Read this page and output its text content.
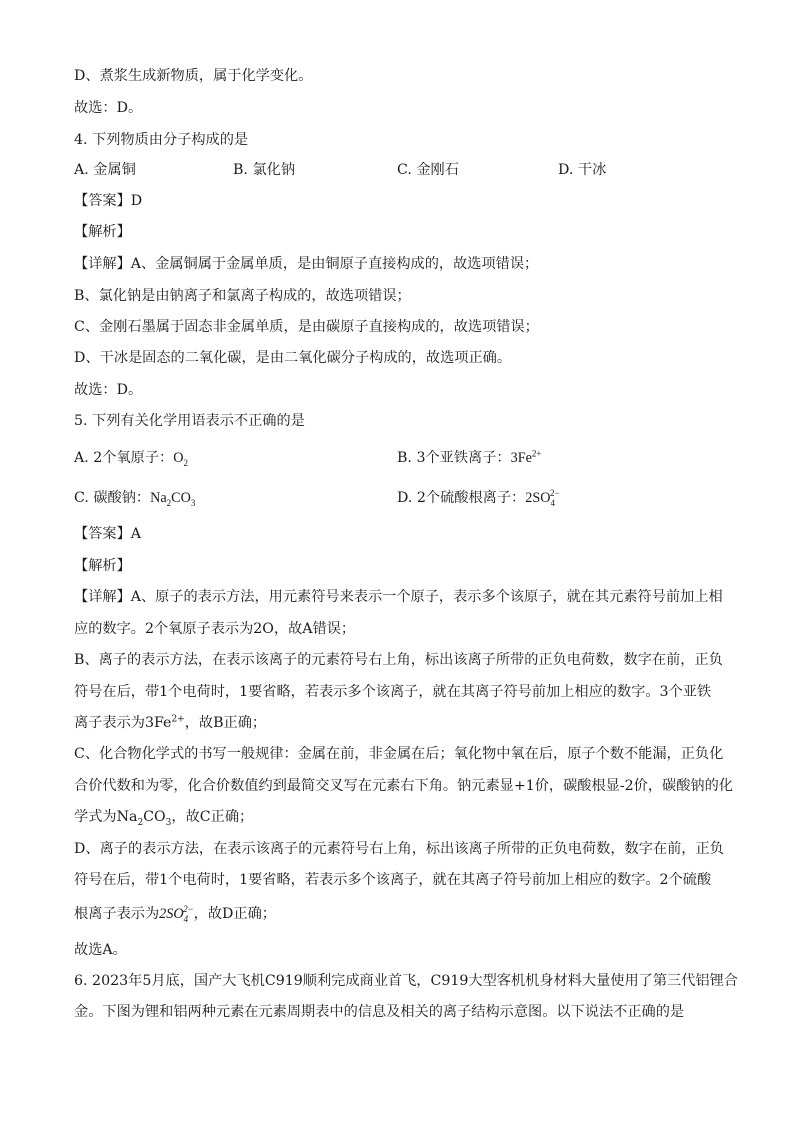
D、煮浆生成新物质，属于化学变化。
故选：D。
4. 下列物质由分子构成的是
A. 金属铜	B. 氯化钠	C. 金刚石	D. 干冰
【答案】D
【解析】
【详解】A、金属铜属于金属单质，是由铜原子直接构成的，故选项错误；
B、氯化钠是由钠离子和氯离子构成的，故选项错误；
C、金刚石墨属于固态非金属单质，是由碳原子直接构成的，故选项错误；
D、干冰是固态的二氧化碳，是由二氧化碳分子构成的，故选项正确。
故选：D。
5. 下列有关化学用语表示不正确的是
A. 2个氧原子：$O_2$	B. 3个亚铁离子：$3Fe^{2+}$
C. 碳酸钠：$Na_2CO_3$	D. 2个硫酸根离子：$2SO_4^{2-}$
【答案】A
【解析】
【详解】A、原子的表示方法，用元素符号来表示一个原子，表示多个该原子，就在其元素符号前加上相
应的数字。2个氧原子表示为2O，故A错误；
B、离子的表示方法，在表示该离子的元素符号右上角，标出该离子所带的正负电荷数，数字在前，正负
符号在后，带1个电荷时，1要省略，若表示多个该离子，就在其离子符号前加上相应的数字。3个亚铁
离子表示为$3Fe^{2+}$，故B正确；
C、化合物化学式的书写一般规律：金属在前，非金属在后；氧化物中氧在后，原子个数不能漏，正负化
合价代数和为零，化合价数值约到最简交叉写在元素右下角。钠元素显+1价，碳酸根显-2价，碳酸钠的化
学式为$Na_2CO_3$，故C正确；
D、离子的表示方法，在表示该离子的元素符号右上角，标出该离子所带的正负电荷数，数字在前，正负
符号在后，带1个电荷时，1要省略，若表示多个该离子，就在其离子符号前加上相应的数字。2个硫酸
根离子表示为$2SO_4^{2-}$，故D正确；
故选A。
6. 2023年5月底，国产大飞机C919顺利完成商业首飞，C919大型客机机身材料大量使用了第三代铝锂合
金。下图为锂和铝两种元素在元素周期表中的信息及相关的离子结构示意图。以下说法不正确的是
